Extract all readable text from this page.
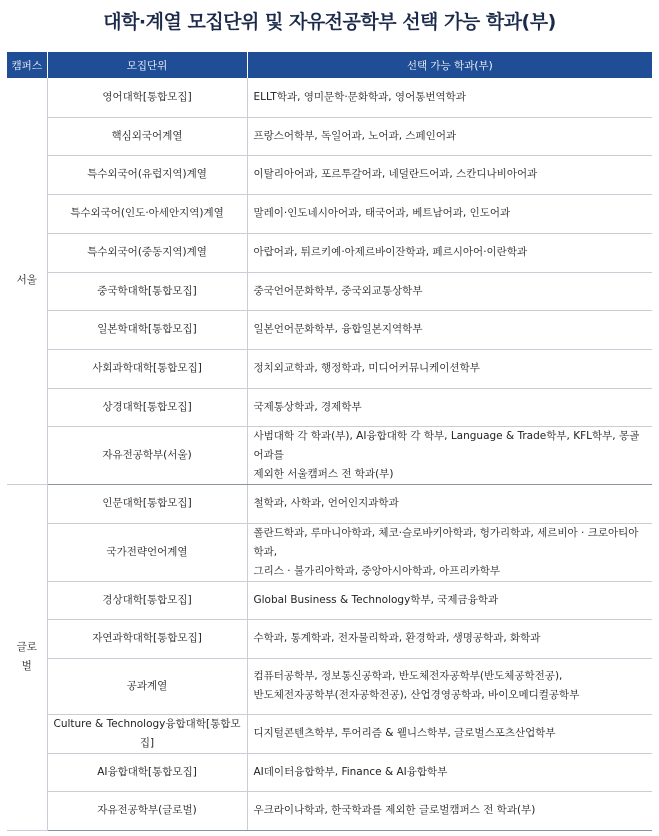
대학·계열 모집단위 및 자유전공학부 선택 가능 학과(부)
캠퍼스	모집단위	선택 가능 학과(부)
서울	영어대학[통합모집]	ELLT학과, 영미문학·문화학과, 영어통번역학과

	핵심외국어계열	프랑스어학부, 독일어과, 노어과, 스페인어과

	특수외국어(유럽지역)계열	이탈리아어과, 포르투갈어과, 네덜란드어과, 스칸디나비아어과

	특수외국어(인도·아세안지역)계열	말레이·인도네시아어과, 태국어과, 베트남어과, 인도어과

	특수외국어(중동지역)계열	아랍어과, 튀르키예·아제르바이잔학과, 페르시아어·이란학과

	중국학대학[통합모집]	중국언어문화학부, 중국외교통상학부

	일본학대학[통합모집]	일본언어문화학부, 융합일본지역학부

	사회과학대학[통합모집]	정치외교학과, 행정학과, 미디어커뮤니케이션학부

	상경대학[통합모집]	국제통상학과, 경제학부

	자유전공학부(서울)	사범대학 각 학과(부), AI융합대학 각 학부, Language & Trade학부, KFL학부, 몽골어과를
제외한 서울캠퍼스 전 학과(부)

글로벌	인문대학[통합모집]	철학과, 사학과, 언어인지과학과

	국가전략언어계열	폴란드학과, 루마니아학과, 체코·슬로바키아학과, 헝가리학과, 세르비아 · 크로아티아학과,
그리스 · 불가리아학과, 중앙아시아학과, 아프리카학부

	경상대학[통합모집]	Global Business & Technology학부, 국제금융학과

	자연과학대학[통합모집]	수학과, 통계학과, 전자물리학과, 환경학과, 생명공학과, 화학과

	공과계열	컴퓨터공학부, 정보통신공학과, 반도체전자공학부(반도체공학전공),
반도체전자공학부(전자공학전공), 산업경영공학과, 바이오메디컬공학부

	Culture & Technology융합대학[통합모집]	디지털콘텐츠학부, 투어리즘 & 웰니스학부, 글로벌스포츠산업학부

	AI융합대학[통합모집]	AI데이터융합학부, Finance & AI융합학부

	자유전공학부(글로벌)	우크라이나학과, 한국학과를 제외한 글로벌캠퍼스 전 학과(부)
